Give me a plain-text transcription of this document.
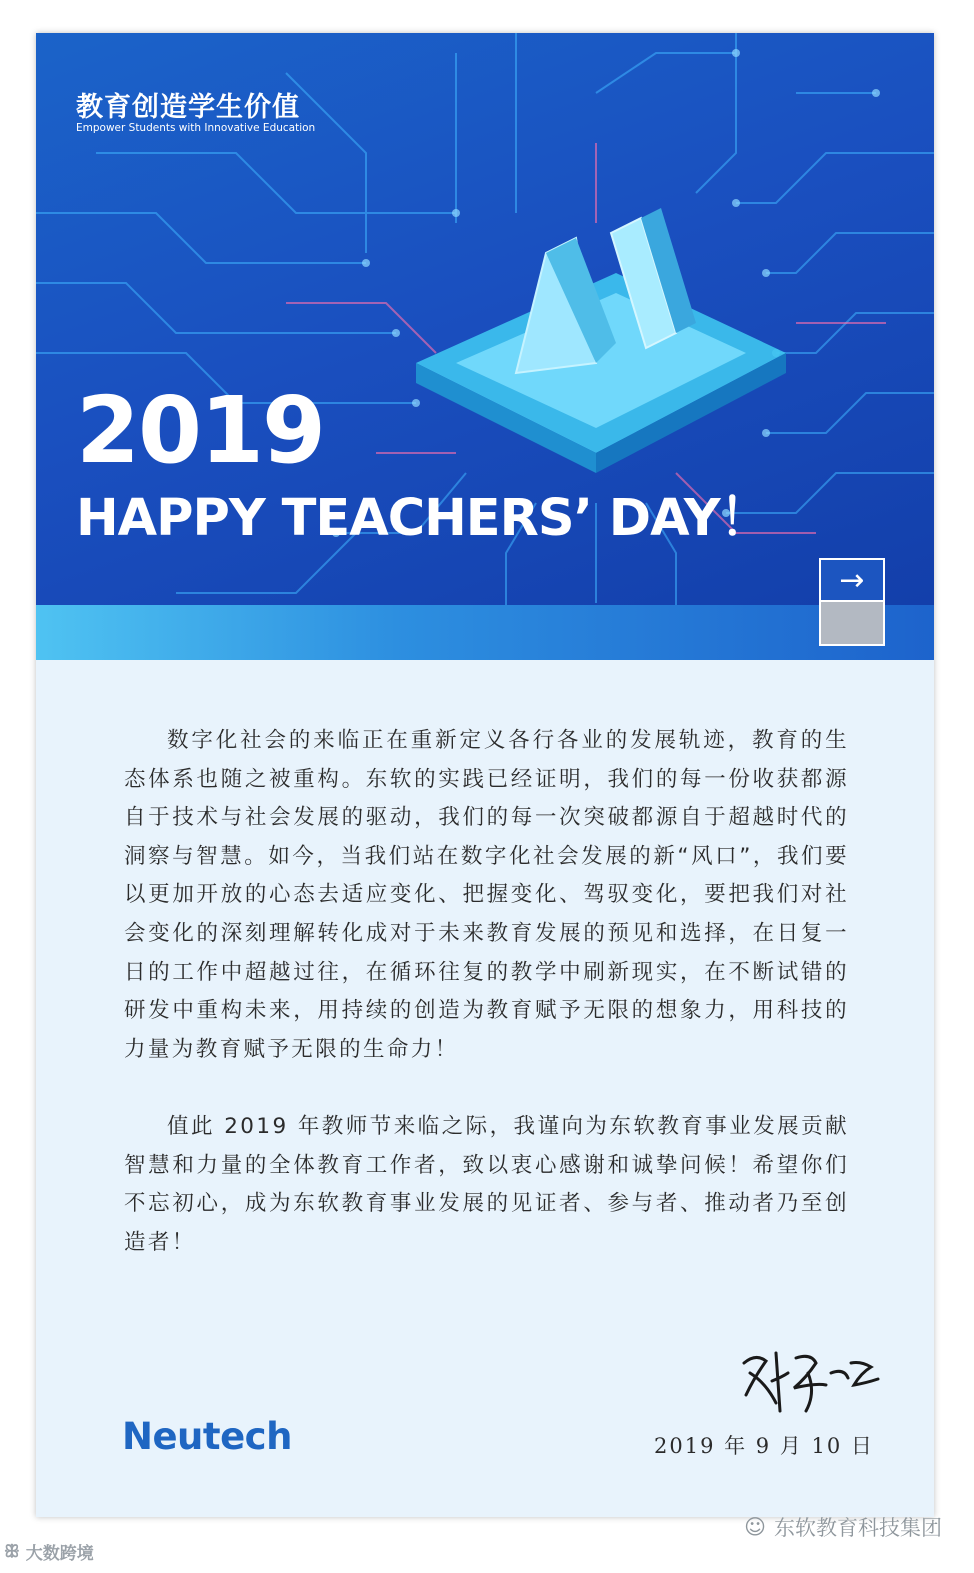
教育创造学生价值
Empower Students with Innovative Education
2019
HAPPY TEACHERS’ DAY！
→

数字化社会的来临正在重新定义各行各业的发展轨迹，教育的生态体系也随之被重构。东软的实践已经证明，我们的每一份收获都源自于技术与社会发展的驱动，我们的每一次突破都源自于超越时代的洞察与智慧。如今，当我们站在数字化社会发展的新“风口”，我们要以更加开放的心态去适应变化、把握变化、驾驭变化，要把我们对社会变化的深刻理解转化成对于未来教育发展的预见和选择，在日复一日的工作中超越过往，在循环往复的教学中刷新现实，在不断试错的研发中重构未来，用持续的创造为教育赋予无限的想象力，用科技的力量为教育赋予无限的生命力！

值此 2019 年教师节来临之际，我谨向为东软教育事业发展贡献智慧和力量的全体教育工作者，致以衷心感谢和诚挚问候！希望你们不忘初心，成为东软教育事业发展的见证者、参与者、推动者乃至创造者！

Neutech	2019 年 9 月 10 日
ꕥ 大数跨境
☺ 东软教育科技集团
